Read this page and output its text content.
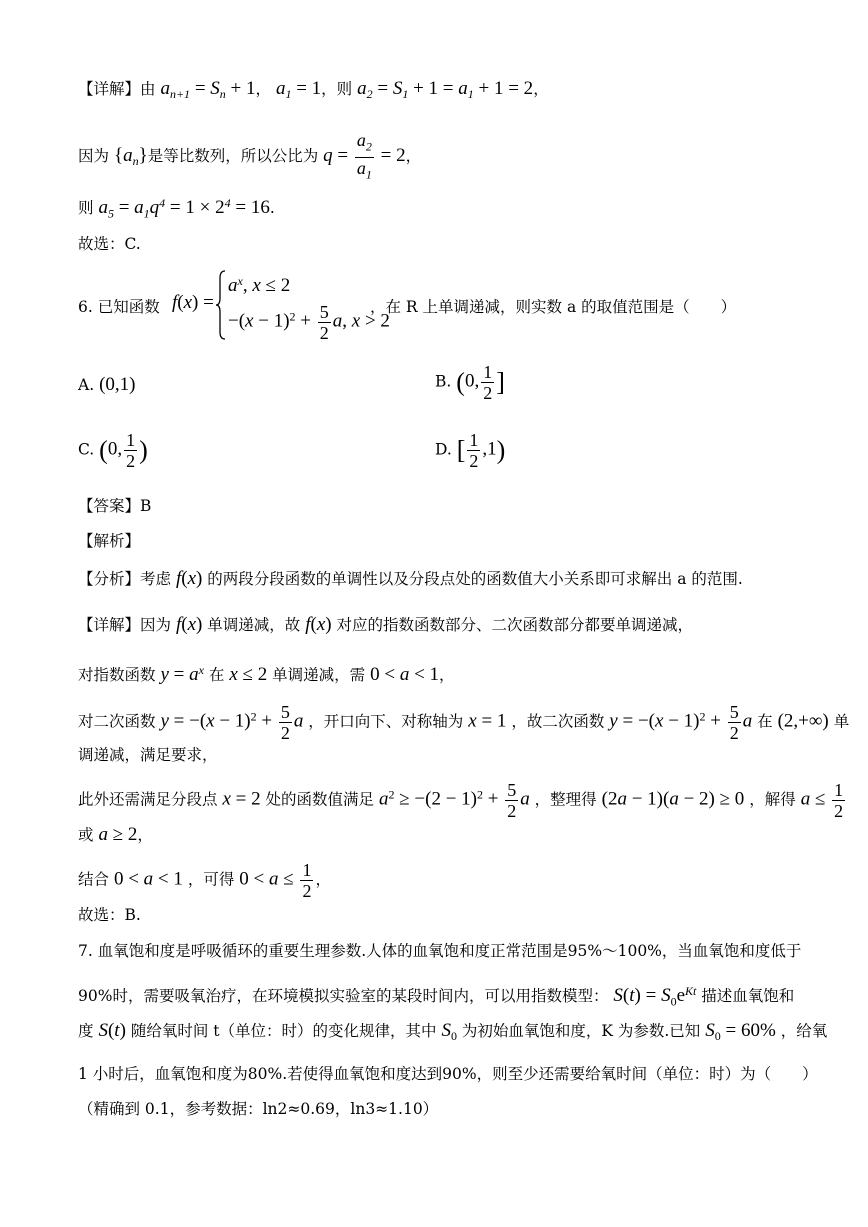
【详解】由 $a_{n+1} = S_n + 1$， $a_1 = 1$，则 $a_2 = S_1 + 1 = a_1 + 1 = 2$，
因为 $\{a_n\}$是等比数列，所以公比为 $q = \frac{a_2}{a_1} = 2$，
则 $a_5 = a_1q^4 = 1 \times 2^4 = 16$.
故选：C.
6. 已知函数 f(x) =
$a^x$, x ≤ 2
$-(x - 1)^2 + \frac{5}{2} a$, x > 2
，在 R 上单调递减，则实数 a 的取值范围是（　　）
A. (0,1)	B. (0, $\frac{1}{2}$ ]
C. (0, $\frac{1}{2}$ )	D. [ $\frac{1}{2} ,1$)
【答案】B
【解析】
【分析】考虑 f(x) 的两段分段函数的单调性以及分段点处的函数值大小关系即可求解出 a 的范围.
【详解】因为 f(x) 单调递减，故 f(x) 对应的指数函数部分、二次函数部分都要单调递减，
对指数函数 $y = a^x$ 在 x ≤ 2 单调递减，需 0 < a < 1，
对二次函数 $y = -(x - 1)^2 + \frac{5}{2}$ a ，开口向下、对称轴为 x = 1 ，故二次函数 $y = -(x - 1)^2 + \frac{5}{2}$ a 在 (2,+∞) 单
调递减，满足要求，
此外还需满足分段点 x = 2 处的函数值满足 $a^2 \ge -(2 - 1)^2 + \frac{5}{2}$ a ，整理得 (2a − 1)(a − 2) ≥ 0 ，解得 $a \le \frac{1}{2}$
或 a ≥ 2，
结合 0 < a < 1 ，可得 $0 < a \le \frac{1}{2}$ ，
故选：B.
7. 血氧饱和度是呼吸循环的重要生理参数.人体的血氧饱和度正常范围是95%～100%，当血氧饱和度低于
90%时，需要吸氧治疗，在环境模拟实验室的某段时间内，可以用指数模型： $S(t) = S_0e^{Kt}$ 描述血氧饱和
度 S(t) 随给氧时间 t（单位：时）的变化规律，其中 $S_0$ 为初始血氧饱和度，K 为参数.已知 $S_0 = 60\%$ ，给氧
1 小时后，血氧饱和度为80%.若使得血氧饱和度达到90%，则至少还需要给氧时间（单位：时）为（　　）
（精确到 0.1，参考数据：ln2≈0.69，ln3≈1.10）
